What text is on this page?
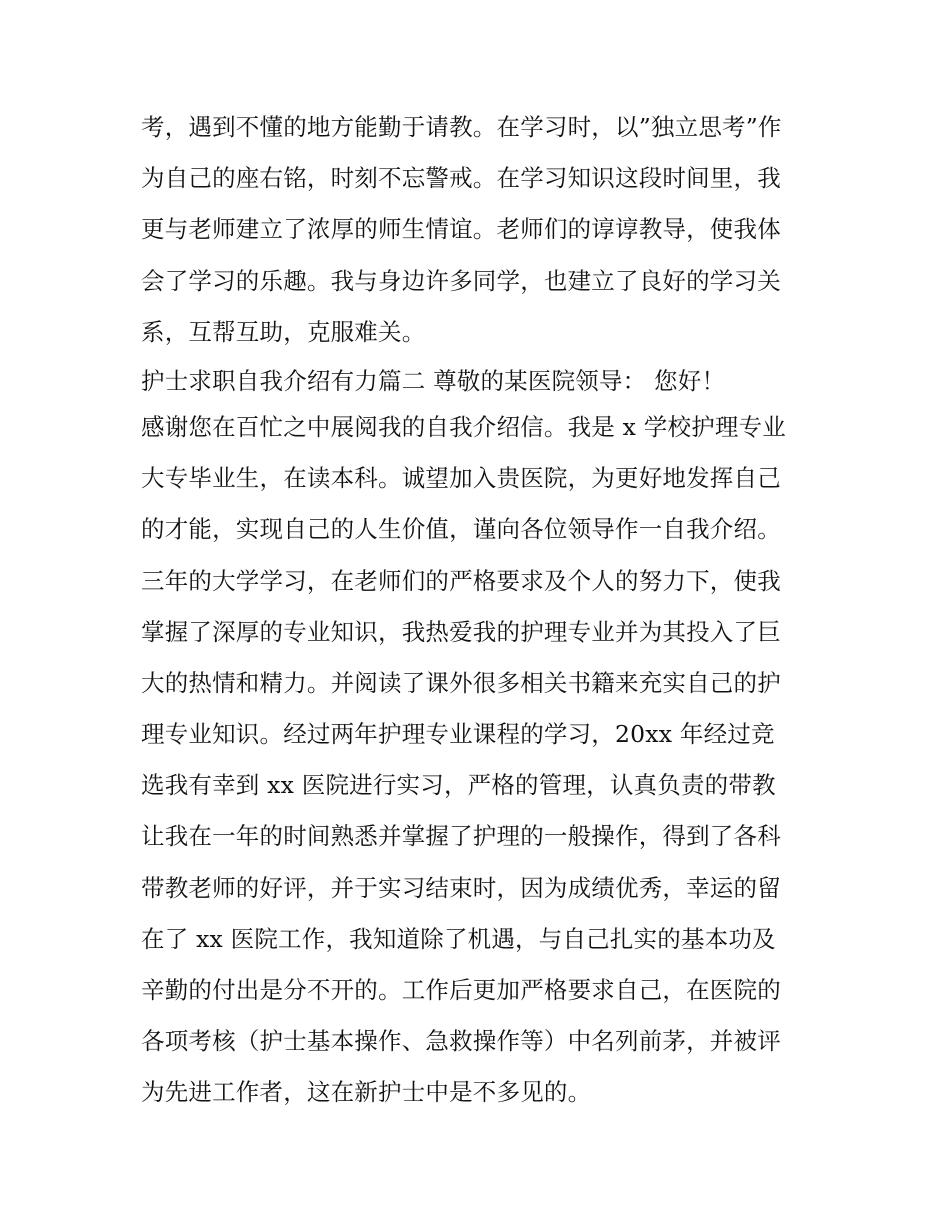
考，遇到不懂的地方能勤于请教。在学习时，以”独立思考”作
为自己的座右铭，时刻不忘警戒。在学习知识这段时间里，我
更与老师建立了浓厚的师生情谊。老师们的谆谆教导，使我体
会了学习的乐趣。我与身边许多同学，也建立了良好的学习关
系，互帮互助，克服难关。
护士求职自我介绍有力篇二 尊敬的某医院领导： 您好！
感谢您在百忙之中展阅我的自我介绍信。我是 x 学校护理专业
大专毕业生，在读本科。诚望加入贵医院，为更好地发挥自己
的才能，实现自己的人生价值，谨向各位领导作一自我介绍。
三年的大学学习，在老师们的严格要求及个人的努力下，使我
掌握了深厚的专业知识，我热爱我的护理专业并为其投入了巨
大的热情和精力。并阅读了课外很多相关书籍来充实自己的护
理专业知识。经过两年护理专业课程的学习，20xx 年经过竞
选我有幸到 xx 医院进行实习，严格的管理，认真负责的带教
让我在一年的时间熟悉并掌握了护理的一般操作，得到了各科
带教老师的好评，并于实习结束时，因为成绩优秀，幸运的留
在了 xx 医院工作，我知道除了机遇，与自己扎实的基本功及
辛勤的付出是分不开的。工作后更加严格要求自己，在医院的
各项考核（护士基本操作、急救操作等）中名列前茅，并被评
为先进工作者，这在新护士中是不多见的。
